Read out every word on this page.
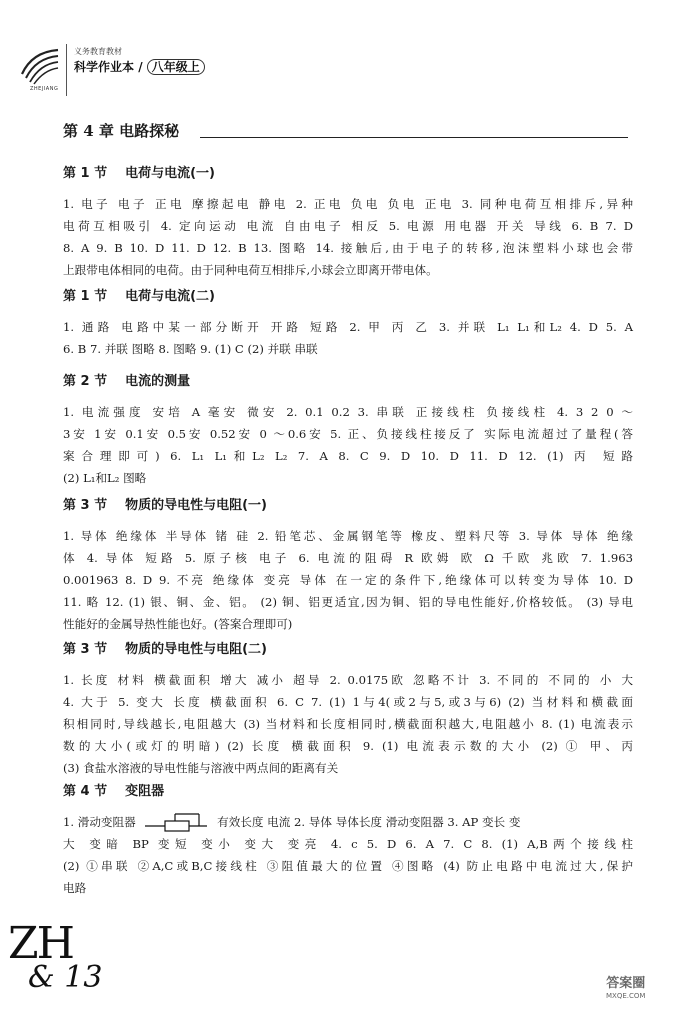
ZHEJIANG
义务教育教材
科学作业本 / 八年级上
第 4 章 电路探秘
第 1 节 电荷与电流(一)
1. 电子 电子 正电 摩擦起电 静电 2. 正电 负电 负电 正电 3. 同种电荷互相排斥,异种
电荷互相吸引 4. 定向运动 电流 自由电子 相反 5. 电源 用电器 开关 导线 6. B 7. D
8. A 9. B 10. D 11. D 12. B 13. 图略 14. 接触后,由于电子的转移,泡沫塑料小球也会带
上跟带电体相同的电荷。由于同种电荷互相排斥,小球会立即离开带电体。
第 1 节 电荷与电流(二)
1. 通路 电路中某一部分断开 开路 短路 2. 甲 丙 乙 3. 并联 L₁ L₁和L₂ 4. D 5. A
6. B 7. 并联 图略 8. 图略 9. (1) C (2) 并联 串联
第 2 节 电流的测量
1. 电流强度 安培 A 毫安 微安 2. 0.1 0.2 3. 串联 正接线柱 负接线柱 4. 3 2 0 ～
3安 1安 0.1安 0.5安 0.52安 0 ～0.6安 5. 正、负接线柱接反了 实际电流超过了量程(答
案合理即可) 6. L₁ L₁和L₂ L₂ 7. A 8. C 9. D 10. D 11. D 12. (1) 丙 短路
(2) L₁和L₂ 图略
第 3 节 物质的导电性与电阻(一)
1. 导体 绝缘体 半导体 锗 硅 2. 铅笔芯、金属钢笔等 橡皮、塑料尺等 3. 导体 导体 绝缘
体 4. 导体 短路 5. 原子核 电子 6. 电流的阻碍 R 欧姆 欧 Ω 千欧 兆欧 7. 1.963
0.001963 8. D 9. 不亮 绝缘体 变亮 导体 在一定的条件下,绝缘体可以转变为导体 10. D
11. 略 12. (1) 银、铜、金、铝。 (2) 铜、铝更适宜,因为铜、铝的导电性能好,价格较低。 (3) 导电
性能好的金属导热性能也好。(答案合理即可)
第 3 节 物质的导电性与电阻(二)
1. 长度 材料 横截面积 增大 减小 超导 2. 0.0175欧 忽略不计 3. 不同的 不同的 小 大
4. 大于 5. 变大 长度 横截面积 6. C 7. (1) 1与4(或2与5,或3与6) (2) 当材料和横截面
积相同时,导线越长,电阻越大 (3) 当材料和长度相同时,横截面积越大,电阻越小 8. (1) 电流表示
数的大小(或灯的明暗) (2) 长度 横截面积 9. (1) 电流表示数的大小 (2) ① 甲、丙
(3) 食盐水溶液的导电性能与溶液中两点间的距离有关
第 4 节 变阻器
1. 滑动变阻器	有效长度 电流 2. 导体 导体长度 滑动变阻器 3. AP 变长 变
大 变暗 BP 变短 变小 变大 变亮 4. c 5. D 6. A 7. C 8. (1) A,B两个接线柱
(2) ①串联 ②A,C或B,C接线柱 ③阻值最大的位置 ④图略 (4) 防止电路中电流过大,保护
电路
ZH
& 13	答案圈
MXQE.COM
